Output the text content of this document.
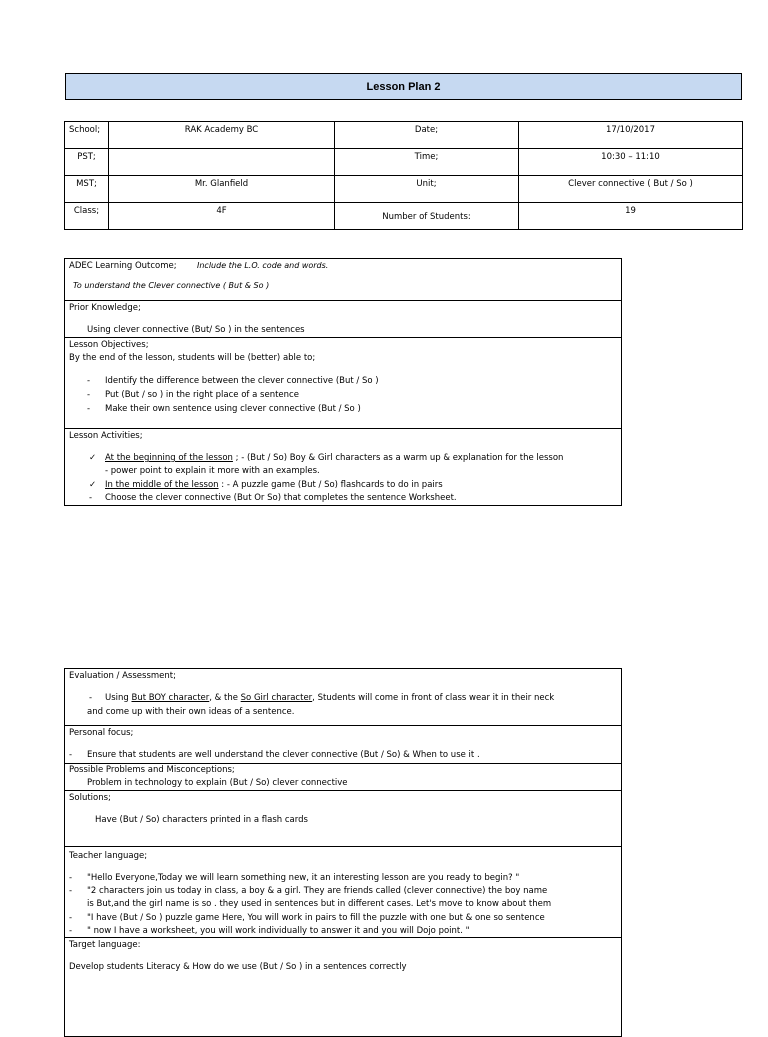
Lesson Plan 2
School;	RAK Academy BC	Date;	17/10/2017
PST;		Time;	10:30 – 11:10
MST;	Mr. Glanfield	Unit;	Clever connective ( But / So )
Class;	4F	Number of Students:	19
ADEC Learning Outcome;	Include the L.O. code and words.
To understand the Clever connective ( But & So )
Prior Knowledge;
Using clever connective (But/ So ) in the sentences
Lesson Objectives;
By the end of the lesson, students will be (better) able to;
- Identify the difference between the clever connective (But / So )
- Put (But / so ) in the right place of a sentence
- Make their own sentence using clever connective (But / So )
Lesson Activities;
✓ At the beginning of the lesson ; - (But / So) Boy & Girl characters as a warm up & explanation for the lesson
- power point to explain it more with an examples.
✓ In the middle of the lesson : - A puzzle game (But / So) flashcards to do in pairs
- Choose the clever connective (But Or So) that completes the sentence Worksheet.
Evaluation / Assessment;
- Using But BOY character, & the So Girl character, Students will come in front of class wear it in their neck
and come up with their own ideas of a sentence.
Personal focus;
- Ensure that students are well understand the clever connective (But / So) & When to use it .
Possible Problems and Misconceptions;
Problem in technology to explain (But / So) clever connective
Solutions;
Have (But / So) characters printed in a flash cards
Teacher language;
- "Hello Everyone,Today we will learn something new, it an interesting lesson are you ready to begin? "
- "2 characters join us today in class, a boy & a girl. They are friends called (clever connective) the boy name
is But,and the girl name is so . they used in sentences but in different cases. Let's move to know about them
- "I have (But / So ) puzzle game Here, You will work in pairs to fill the puzzle with one but & one so sentence
- " now I have a worksheet, you will work individually to answer it and you will Dojo point. "
Target language:
Develop students Literacy & How do we use (But / So ) in a sentences correctly
